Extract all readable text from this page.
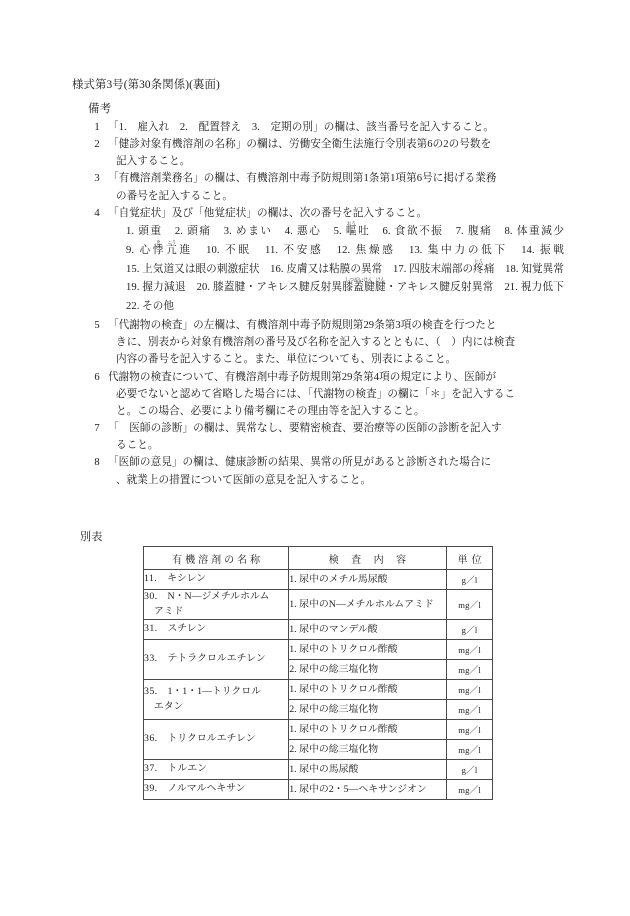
様式第3号(第30条関係)(裏面)
備考
1 「1.　雇入れ　2.　配置替え　3.　定期の別」の欄は、該当番号を記入すること。

2 「健診対象有機溶剤の名称」の欄は、労働安全衛生法施行令別表第6の2の号数を

記入すること。

3 「有機溶剤業務名」の欄は、有機溶剤中毒予防規則第1条第1項第6号に掲げる業務

の番号を記入すること。

4 「自覚症状」及び「他覚症状」の欄は、次の番号を記入すること。

1. 頭重　 2. 頭痛　 3. めまい　 4. 悪心　 5. 嘔おう吐　 6. 食欲不振　 7. 腹痛　 8. 体重減少　9. 心悸き亢こう進　 10. 不眠　 11. 不安感　 12. 焦燥感　 13. 集中力の低下　 14. 振戦　15. 上気道又は眼の刺激症状　 16. 皮膚又は粘膜の異常　 17. 四肢末端部の疼とう痛　 18. 知覚異常　19. 握力減退　 20. 膝蓋腱・アキレス腱反射異膝蓋腱しつがいけん腱けん・アキレス腱反射異常　 21. 視力低下　22. その他　
5 「代謝物の検査」の左欄は、有機溶剤中毒予防規則第29条第3項の検査を行つたと

きに、別表から対象有機溶剤の番号及び名称を記入するとともに、（　）内には検査

内容の番号を記入すること。また、単位についても、別表によること。

6 代謝物の検査について、有機溶剤中毒予防規則第29条第4項の規定により、医師が

必要でないと認めて省略した場合には、「代謝物の検査」の欄に「＊」を記入するこ

と。この場合、必要により備考欄にその理由等を記入すること。

7 「　医師の診断」の欄は、異常なし、要精密検査、要治療等の医師の診断を記入す

ること。

8 「医師の意見」の欄は、健康診断の結果、異常の所見があると診断された場合に

、就業上の措置について医師の意見を記入すること。

別表
有機溶剤の名称	検査内容	単位
11.　 キシレン	1. 尿中のメチル馬尿酸	g／l
30.　 N・N―ジメチルホルム
　アミド	1. 尿中のN―メチルホルムアミド	mg／l
31.　 スチレン	1. 尿中のマンデル酸	g／l
33.　 テトラクロルエチレン	1. 尿中のトリクロル酢酸	mg／l
	2. 尿中の総三塩化物	mg／l
35.　 1・1・1―トリクロル
　エタン	1. 尿中のトリクロル酢酸	mg／l
	2. 尿中の総三塩化物	mg／l
36.　 トリクロルエチレン	1. 尿中のトリクロル酢酸	mg／l
	2. 尿中の総三塩化物	mg／l
37.　 トルエン	1. 尿中の馬尿酸	g／l
39.　 ノルマルヘキサン	1. 尿中の2・5―ヘキサンジオン	mg／l
